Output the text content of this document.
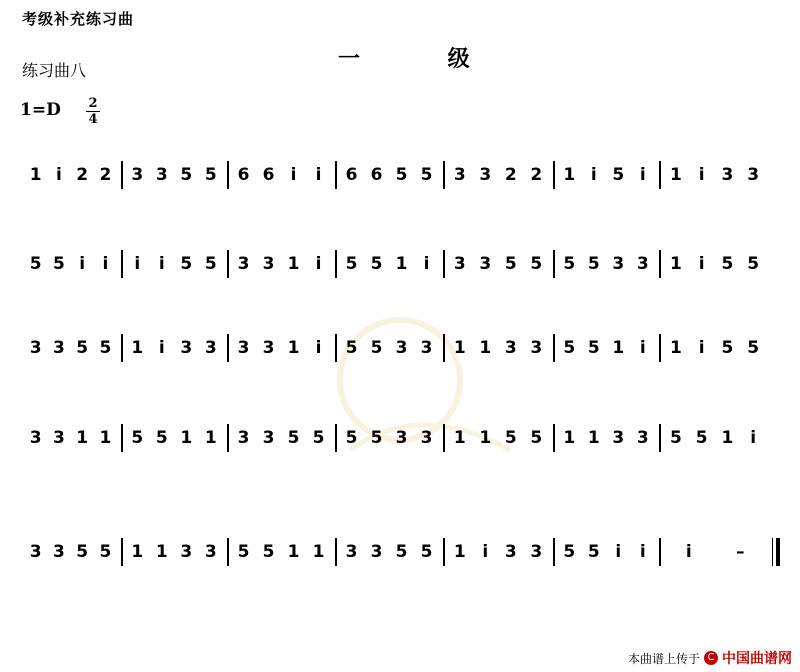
考级补充练习曲
练习曲八	一 级
1=D 2
4
1 i 2 2 3 3 5 5 6 6 i i 6 6 5 5 3 3 2 2 1 i 5 i 1 i 3 3
5 5 i i i i 5 5 3 3 1 i 5 5 1 i 3 3 5 5 5 5 3 3 1 i 5 5
3 3 5 5 1 i 3 3 3 3 1 i 5 5 3 3 1 1 3 3 5 5 1 i 1 i 5 5
3 3 1 1 5 5 1 1 3 3 5 5 5 5 3 3 1 1 5 5 1 1 3 3 5 5 1 i
3 3 5 5 1 1 3 3 5 5 1 1 3 3 5 5 1 i 3 3 5 5 i i i	–
本曲谱上传于 C 中国曲谱网
